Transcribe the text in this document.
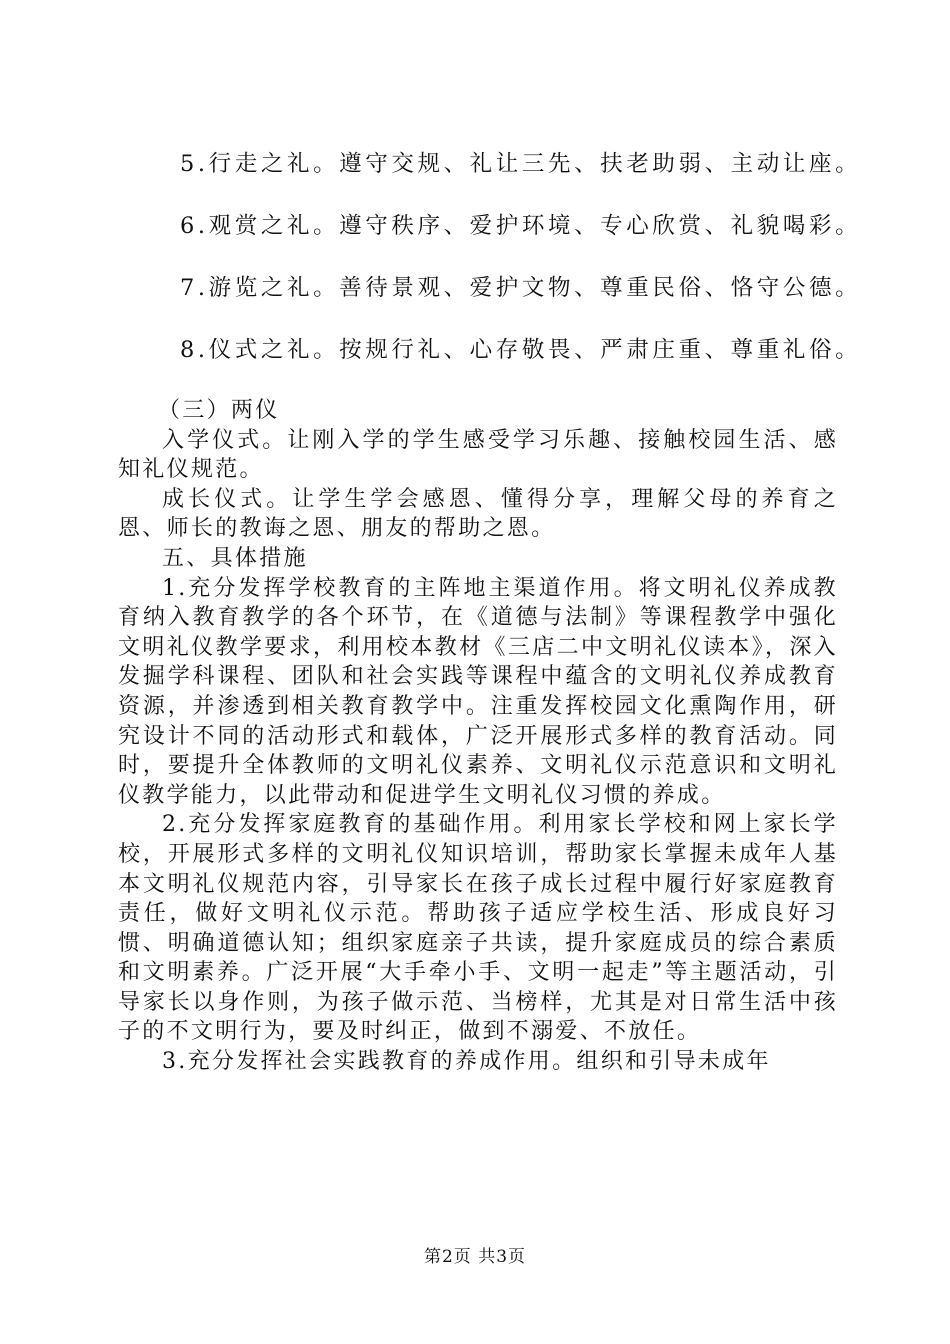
5.行走之礼。遵守交规、礼让三先、扶老助弱、主动让座。
6.观赏之礼。遵守秩序、爱护环境、专心欣赏、礼貌喝彩。
7.游览之礼。善待景观、爱护文物、尊重民俗、恪守公德。
8.仪式之礼。按规行礼、心存敬畏、严肃庄重、尊重礼俗。

（三）两仪

入学仪式。让刚入学的学生感受学习乐趣、接触校园生活、感知礼仪规范。

成长仪式。让学生学会感恩、懂得分享，理解父母的养育之恩、师长的教诲之恩、朋友的帮助之恩。

五、具体措施

1.充分发挥学校教育的主阵地主渠道作用。将文明礼仪养成教育纳入教育教学的各个环节，在《道德与法制》等课程教学中强化文明礼仪教学要求，利用校本教材《三店二中文明礼仪读本》，深入发掘学科课程、团队和社会实践等课程中蕴含的文明礼仪养成教育资源，并渗透到相关教育教学中。注重发挥校园文化熏陶作用，研究设计不同的活动形式和载体，广泛开展形式多样的教育活动。同时，要提升全体教师的文明礼仪素养、文明礼仪示范意识和文明礼仪教学能力，以此带动和促进学生文明礼仪习惯的养成。

2.充分发挥家庭教育的基础作用。利用家长学校和网上家长学校，开展形式多样的文明礼仪知识培训，帮助家长掌握未成年人基本文明礼仪规范内容，引导家长在孩子成长过程中履行好家庭教育责任，做好文明礼仪示范。帮助孩子适应学校生活、形成良好习惯、明确道德认知；组织家庭亲子共读，提升家庭成员的综合素质和文明素养。广泛开展“大手牵小手、文明一起走”等主题活动，引导家长以身作则，为孩子做示范、当榜样，尤其是对日常生活中孩子的不文明行为，要及时纠正，做到不溺爱、不放任。

3.充分发挥社会实践教育的养成作用。组织和引导未成年

第2页 共3页
